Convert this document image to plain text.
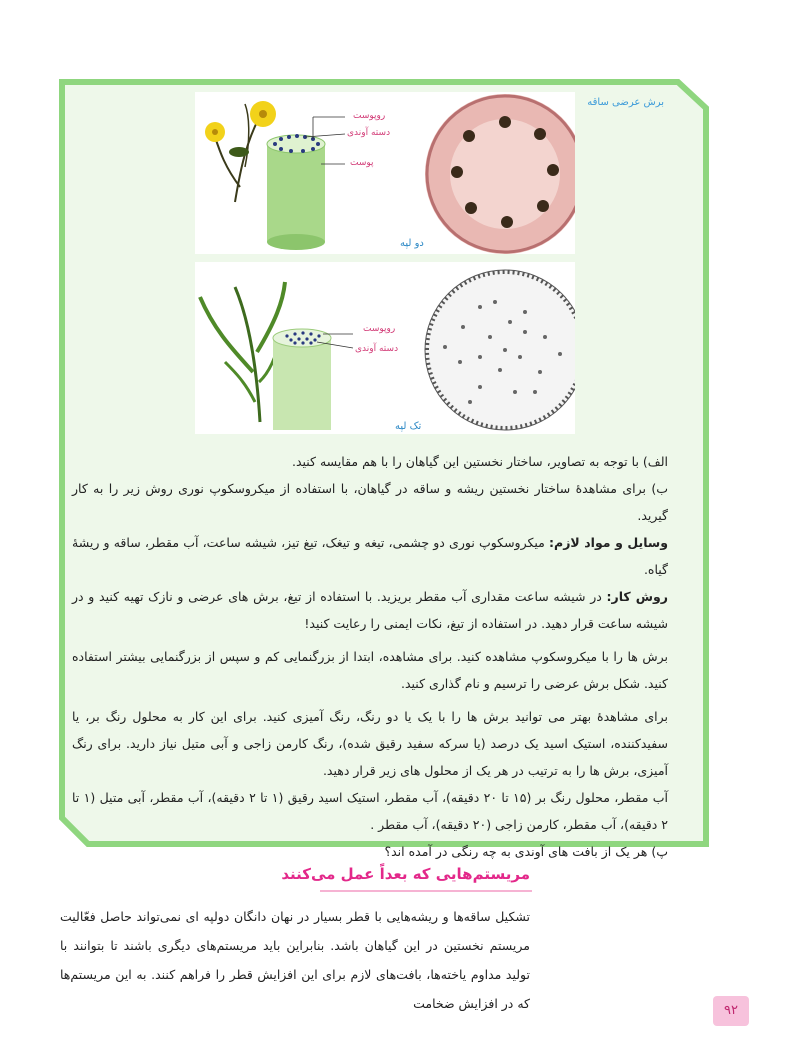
برش عرضی ساقه
روپوست
دسته آوندی
پوست
دو لپه
روپوست
دسته آوندی
تک لپه

الف) با توجه به تصاویر، ساختار نخستین این گیاهان را با هم مقایسه کنید.

ب) برای مشاهدهٔ ساختار نخستین ریشه و ساقه در گیاهان، با استفاده از میکروسکوپ نوری روش زیر را به کار گیرید.

وسایل و مواد لازم: میکروسکوپ نوری دو چشمی، تیغه و تیغک، تیغ تیز، شیشه ساعت، آب مقطر، ساقه و ریشهٔ گیاه.

روش کار: در شیشه ساعت مقداری آب مقطر بریزید. با استفاده از تیغ، برش های عرضی و نازک تهیه کنید و در شیشه ساعت قرار دهید. در استفاده از تیغ، نکات ایمنی را رعایت کنید!

برش ها را با میکروسکوپ مشاهده کنید. برای مشاهده، ابتدا از بزرگنمایی کم و سپس از بزرگنمایی بیشتر استفاده کنید. شکل برش عرضی را ترسیم و نام گذاری کنید.

برای مشاهدهٔ بهتر می توانید برش ها را با یک یا دو رنگ، رنگ آمیزی کنید. برای این کار به محلول رنگ بر، یا سفیدکننده، استیک اسید یک درصد (یا سرکه سفید رقیق شده)، رنگ کارمن زاجی و آبی متیل نیاز دارید. برای رنگ آمیزی، برش ها را به ترتیب در هر یک از محلول های زیر قرار دهید.

آب مقطر، محلول رنگ بر (۱۵ تا ۲۰ دقیقه)، آب مقطر، استیک اسید رقیق (۱ تا ۲ دقیقه)، آب مقطر، آبی متیل (۱ تا ۲ دقیقه)، آب مقطر، کارمن زاجی (۲۰ دقیقه)، آب مقطر .

پ) هر یک از بافت های آوندی به چه رنگی در آمده اند؟

مریستم‌هایی که بعداً عمل می‌کنند
تشکیل ساقه‌ها و ریشه‌هایی با قطر بسیار در نهان دانگان دولپه ای نمی‌تواند حاصل فعّالیت مریستم نخستین در این گیاهان باشد. بنابراین باید مریستم‌های دیگری باشند تا بتوانند با تولید مداوم یاخته‌ها، بافت‌های لازم برای این افزایش قطر را فراهم کنند. به این مریستم‌ها که در افزایش ضخامت	۹۲
